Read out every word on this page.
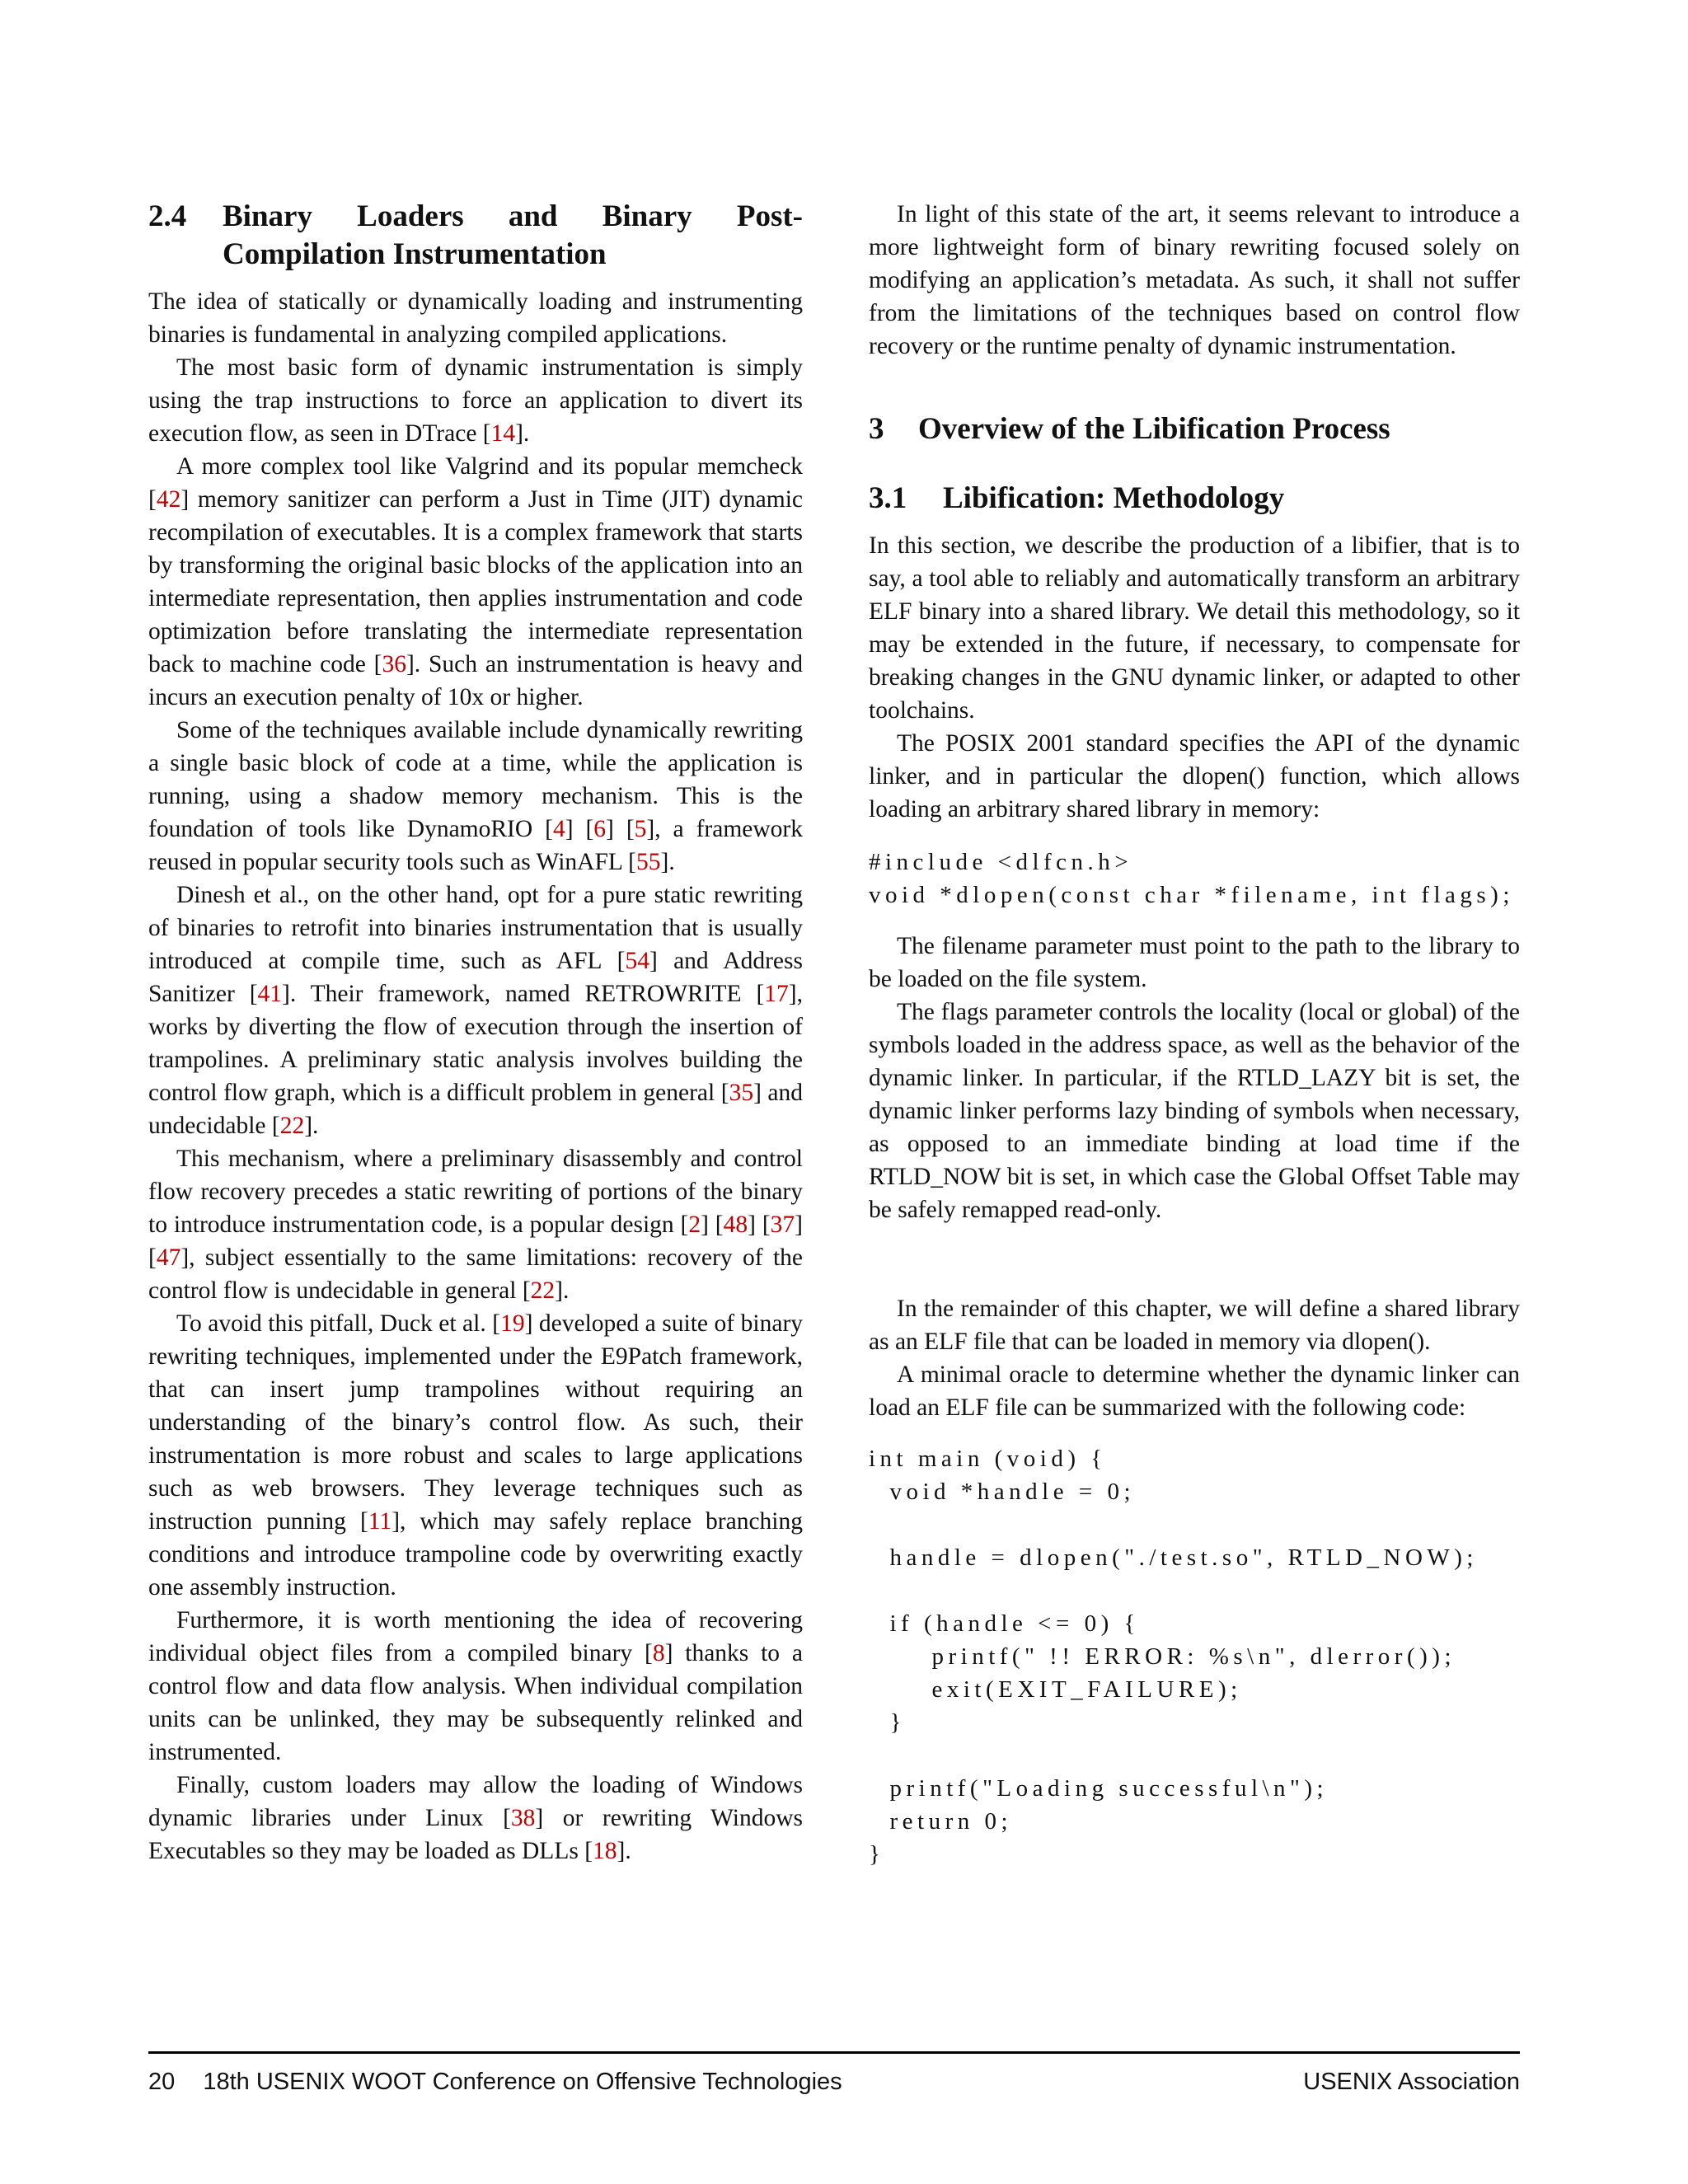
2.4	Binary Loaders and Binary Post-Compilation Instrumentation

The idea of statically or dynamically loading and instrumenting binaries is fundamental in analyzing compiled applications.

The most basic form of dynamic instrumentation is simply using the trap instructions to force an application to divert its execution flow, as seen in DTrace [14].

A more complex tool like Valgrind and its popular memcheck [42] memory sanitizer can perform a Just in Time (JIT) dynamic recompilation of executables. It is a complex framework that starts by transforming the original basic blocks of the application into an intermediate representation, then applies instrumentation and code optimization before translating the intermediate representation back to machine code [36]. Such an instrumentation is heavy and incurs an execution penalty of 10x or higher.

Some of the techniques available include dynamically rewriting a single basic block of code at a time, while the application is running, using a shadow memory mechanism. This is the foundation of tools like DynamoRIO [4] [6] [5], a framework reused in popular security tools such as WinAFL [55].

Dinesh et al., on the other hand, opt for a pure static rewriting of binaries to retrofit into binaries instrumentation that is usually introduced at compile time, such as AFL [54] and Address Sanitizer [41]. Their framework, named RETROWRITE [17], works by diverting the flow of execution through the insertion of trampolines. A preliminary static analysis involves building the control flow graph, which is a difficult problem in general [35] and undecidable [22].

This mechanism, where a preliminary disassembly and control flow recovery precedes a static rewriting of portions of the binary to introduce instrumentation code, is a popular design [2] [48] [37] [47], subject essentially to the same limitations: recovery of the control flow is undecidable in general [22].

To avoid this pitfall, Duck et al. [19] developed a suite of binary rewriting techniques, implemented under the E9Patch framework, that can insert jump trampolines without requiring an understanding of the binary’s control flow. As such, their instrumentation is more robust and scales to large applications such as web browsers. They leverage techniques such as instruction punning [11], which may safely replace branching conditions and introduce trampoline code by overwriting exactly one assembly instruction.

Furthermore, it is worth mentioning the idea of recovering individual object files from a compiled binary [8] thanks to a control flow and data flow analysis. When individual compilation units can be unlinked, they may be subsequently relinked and instrumented.

Finally, custom loaders may allow the loading of Windows dynamic libraries under Linux [38] or rewriting Windows Executables so they may be loaded as DLLs [18].

In light of this state of the art, it seems relevant to introduce a more lightweight form of binary rewriting focused solely on modifying an application’s metadata. As such, it shall not suffer from the limitations of the techniques based on control flow recovery or the runtime penalty of dynamic instrumentation.

3	Overview of the Libification Process
3.1	Libification: Methodology

In this section, we describe the production of a libifier, that is to say, a tool able to reliably and automatically transform an arbitrary ELF binary into a shared library. We detail this methodology, so it may be extended in the future, if necessary, to compensate for breaking changes in the GNU dynamic linker, or adapted to other toolchains.

The POSIX 2001 standard specifies the API of the dynamic linker, and in particular the dlopen() function, which allows loading an arbitrary shared library in memory:

#include <dlfcn.h>
void *dlopen(const char *filename, int flags);

The filename parameter must point to the path to the library to be loaded on the file system.

The flags parameter controls the locality (local or global) of the symbols loaded in the address space, as well as the behavior of the dynamic linker. In particular, if the RTLD_LAZY bit is set, the dynamic linker performs lazy binding of symbols when necessary, as opposed to an immediate binding at load time if the RTLD_NOW bit is set, in which case the Global Offset Table may be safely remapped read-only.

In the remainder of this chapter, we will define a shared library as an ELF file that can be loaded in memory via dlopen().

A minimal oracle to determine whether the dynamic linker can load an ELF file can be summarized with the following code:

int main (void) {
void *handle = 0;

handle = dlopen("./test.so", RTLD_NOW);

if (handle <= 0) {
printf(" !! ERROR: %s\n", dlerror());
exit(EXIT_FAILURE);
}

printf("Loading successful\n");
return 0;
}
20 18th USENIX WOOT Conference on Offensive Technologies	USENIX Association
